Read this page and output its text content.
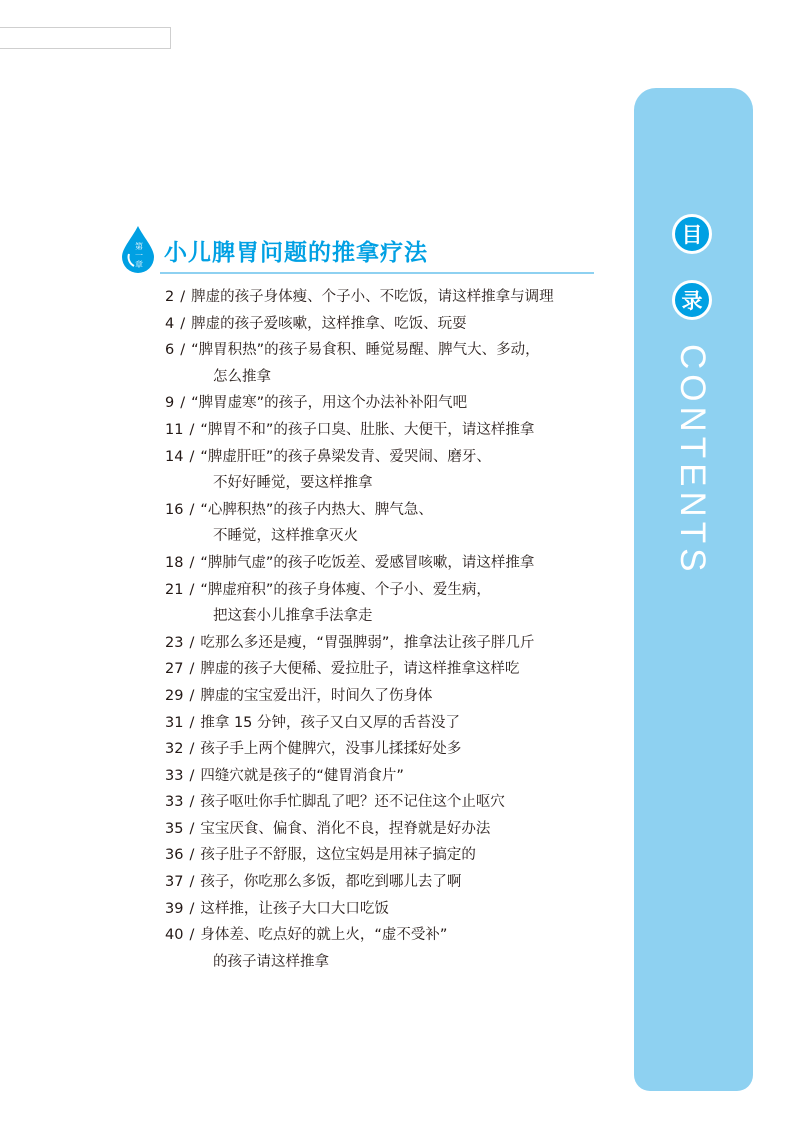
目
录
CONTENTS
第
一
章 小儿脾胃问题的推拿疗法
2 / 脾虚的孩子身体瘦、个子小、不吃饭，请这样推拿与调理
4 / 脾虚的孩子爱咳嗽，这样推拿、吃饭、玩耍
6 / “脾胃积热”的孩子易食积、睡觉易醒、脾气大、多动，
怎么推拿
9 / “脾胃虚寒”的孩子，用这个办法补补阳气吧
11 / “脾胃不和”的孩子口臭、肚胀、大便干，请这样推拿
14 / “脾虚肝旺”的孩子鼻梁发青、爱哭闹、磨牙、
不好好睡觉，要这样推拿
16 / “心脾积热”的孩子内热大、脾气急、
不睡觉，这样推拿灭火
18 / “脾肺气虚”的孩子吃饭差、爱感冒咳嗽，请这样推拿
21 / “脾虚疳积”的孩子身体瘦、个子小、爱生病，
把这套小儿推拿手法拿走
23 / 吃那么多还是瘦，“胃强脾弱”，推拿法让孩子胖几斤
27 / 脾虚的孩子大便稀、爱拉肚子，请这样推拿这样吃
29 / 脾虚的宝宝爱出汗，时间久了伤身体
31 / 推拿 15 分钟，孩子又白又厚的舌苔没了
32 / 孩子手上两个健脾穴，没事儿揉揉好处多
33 / 四缝穴就是孩子的“健胃消食片”
33 / 孩子呕吐你手忙脚乱了吧？还不记住这个止呕穴
35 / 宝宝厌食、偏食、消化不良，捏脊就是好办法
36 / 孩子肚子不舒服，这位宝妈是用袜子搞定的
37 / 孩子，你吃那么多饭，都吃到哪儿去了啊
39 / 这样推，让孩子大口大口吃饭
40 / 身体差、吃点好的就上火，“虚不受补”
的孩子请这样推拿
